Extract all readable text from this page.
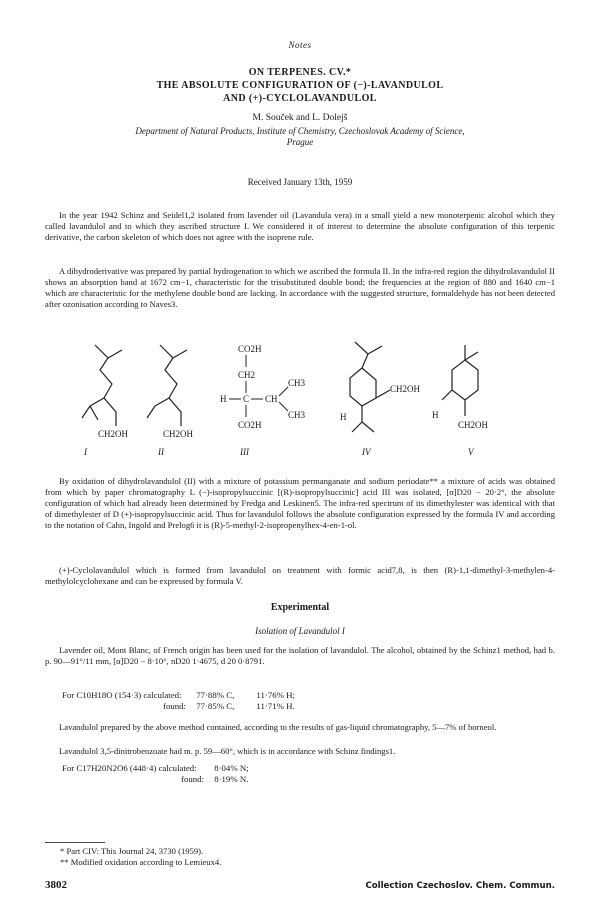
Notes
ON TERPENES. CV.*
THE ABSOLUTE CONFIGURATION OF (−)-LAVANDULOL
AND (+)-CYCLOLAVANDULOL
M. Souček and L. Dolejš
Department of Natural Products, Institute of Chemistry, Czechoslovak Academy of Science,
Prague
Received January 13th, 1959

In the year 1942 Schinz and Seidel1,2 isolated from lavender oil (Lavandula vera) in a small yield a new monoterpenic alcohol which they called lavandulol and to which they ascribed structure I. We considered it of interest to determine the absolute configuration of this terpenic derivative, the carbon skeleton of which does not agree with the isoprene rule.

A dihydroderivative was prepared by partial hydrogenation to which we ascribed the formula II. In the infra-red region the dihydrolavandulol II shows an absorption band at 1672 cm−1, characteristic for the trisubstituted double bond; the frequencies at the region of 880 and 1640 cm−1 which are characteristic for the methylene double bond are lacking. In accordance with the suggested structure, formaldehyde has not been detected after ozonisation according to Naves3.

CH2OH
I
CH2OH
II
CO2H
CH2
H C CH
CH3
CH3
CO2H
III
CH2OH
H
IV
CH2OH
H
V

By oxidation of dihydrolavandulol (II) with a mixture of potassium permanganate and sodium periodate** a mixture of acids was obtained from which by paper chromatography L (−)-isopropylsuccinic [(R)-isopropylsuccinic] acid III was isolated, [α]D20 − 20·2°, the absolute configuration of which had already been determined by Fredga and Leskinen5. The infra-red spectrum of its dimethylester was identical with that of dimethylester of D (+)-isopropylsuccinic acid. Thus for lavandulol follows the absolute configuration expressed by the formula IV and according to the notation of Cahn, Ingold and Prelog6 it is (R)-5-methyl-2-isopropenylhex-4-en-1-ol.

(+)-Cyclolavandulol which is formed from lavandulol on treatment with formic acid7,8, is then (R)-1,1-dimethyl-3-methylen-4-methylolcyclohexane and can be expressed by formula V.

Experimental
Isolation of Lavandulol I

Lavender oil, Mont Blanc, of French origin has been used for the isolation of lavandulol. The alcohol, obtained by the Schinz1 method, had b. p. 90—91°/11 mm, [α]D20 − 8·10°, nD20 1·4675, d 20 0·8791.

For C10H18O (154·3) calculated: 77·88% C,	11·76% H;
found: 77·85% C,	11·71% H.

Lavandulol prepared by the above method contained, according to the results of gas-liquid chromatography, 5—7% of borneol.

Lavandulol 3,5-dinitrobenzoate had m. p. 59—60°, which is in accordance with Schinz findings1.

For C17H20N2O6 (448·4) calculated: 8·04% N;
found: 8·19% N.
* Part CIV: This Journal 24, 3730 (1959).
** Modified oxidation according to Lemieux4.
3802	Collection Czechoslov. Chem. Commun.
